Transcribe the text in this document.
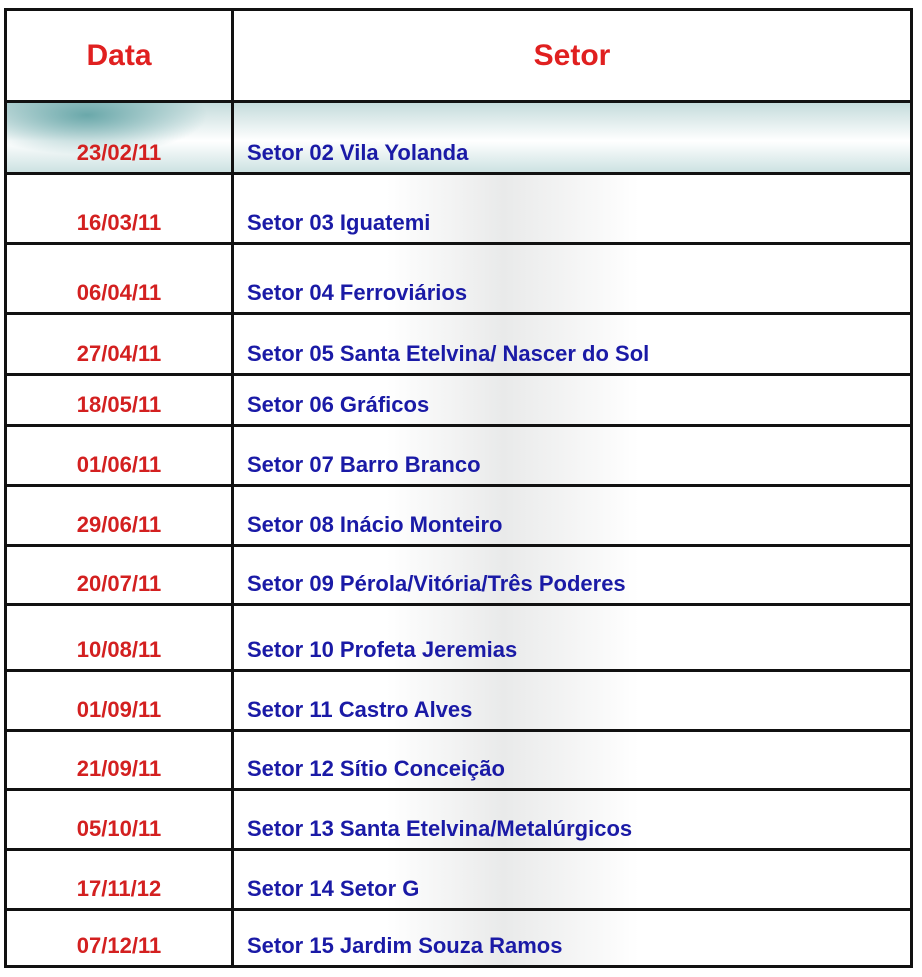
Data	Setor
23/02/11	Setor 02 Vila Yolanda
16/03/11	Setor 03 Iguatemi
06/04/11	Setor 04 Ferroviários
27/04/11	Setor 05 Santa Etelvina/ Nascer do Sol
18/05/11	Setor 06 Gráficos
01/06/11	Setor 07 Barro Branco
29/06/11	Setor 08 Inácio Monteiro
20/07/11	Setor 09 Pérola/Vitória/Três Poderes
10/08/11	Setor 10 Profeta Jeremias
01/09/11	Setor 11 Castro Alves
21/09/11	Setor 12 Sítio Conceição
05/10/11	Setor 13 Santa Etelvina/Metalúrgicos
17/11/12	Setor 14 Setor G
07/12/11	Setor 15 Jardim Souza Ramos
